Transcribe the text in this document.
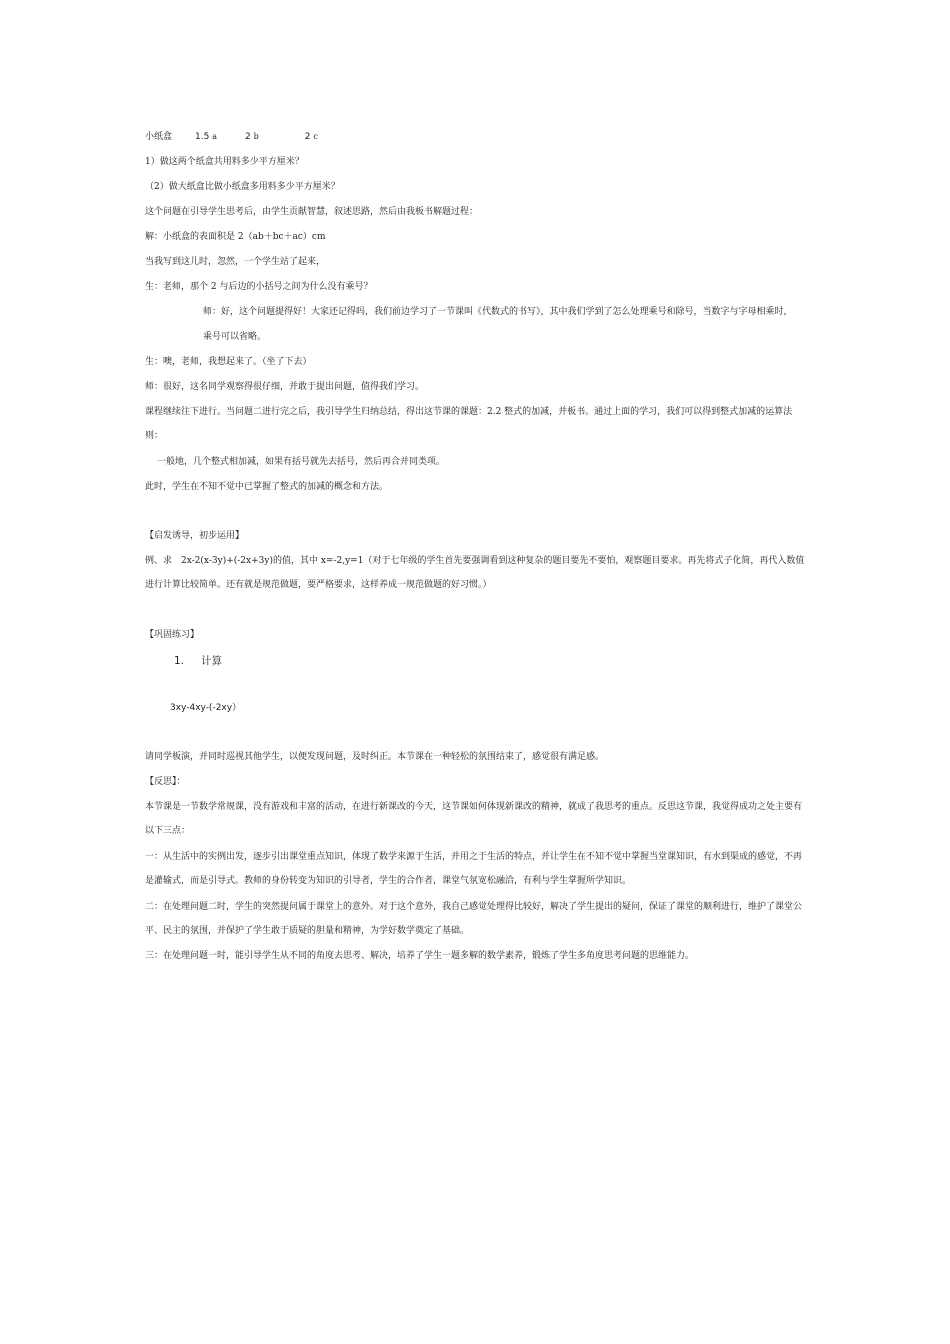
小纸盒	1.5 a	2 b	2 c
1）做这两个纸盒共用料多少平方厘米？
（2）做大纸盒比做小纸盒多用料多少平方厘米？
这个问题在引导学生思考后，由学生贡献智慧，叙述思路，然后由我板书解题过程：
解：小纸盒的表面积是 2（ab＋bc＋ac）cm
当我写到这儿时，忽然，一个学生站了起来，
生：老师，那个 2 与后边的小括号之间为什么没有乘号？
师：好，这个问题提得好！大家还记得吗，我们前边学习了一节课叫《代数式的书写》，其中我们学到了怎么处理乘号和除号，当数字与字母相乘时，
乘号可以省略。
生：噢，老师，我想起来了。（坐了下去）
师：很好，这名同学观察得很仔细，并敢于提出问题，值得我们学习。
课程继续往下进行。当问题二进行完之后，我引导学生归纳总结，得出这节课的课题：2.2 整式的加减，并板书。通过上面的学习，我们可以得到整式加减的运算法则：
一般地，几个整式相加减，如果有括号就先去括号，然后再合并同类项。
此时，学生在不知不觉中已掌握了整式的加减的概念和方法。
【启发诱导，初步运用】
例、求　2x-2(x-3y)+(-2x+3y)的值，其中 x=-2,y=1（对于七年级的学生首先要强调看到这种复杂的题目要先不要怕，观察题目要求。再先将式子化简，再代入数值进行计算比较简单。还有就是规范做题，要严格要求，这样养成一规范做题的好习惯。）
【巩固练习】
1. 计算
3xy-4xy-(-2xy）
请同学板演，并同时巡视其他学生，以便发现问题，及时纠正。本节课在一种轻松的氛围结束了，感觉很有满足感。
【反思】：
本节课是一节数学常规课，没有游戏和丰富的活动，在进行新课改的今天，这节课如何体现新课改的精神，就成了我思考的重点。反思这节课，我觉得成功之处主要有以下三点：
一：从生活中的实例出发，逐步引出课堂重点知识，体现了数学来源于生活，并用之于生活的特点，并让学生在不知不觉中掌握当堂课知识，有水到渠成的感觉，不再是灌输式，而是引导式。教师的身份转变为知识的引导者，学生的合作者，课堂气氛宽松融洽，有利与学生掌握所学知识。
二：在处理问题二时，学生的突然提问属于课堂上的意外。对于这个意外，我自己感觉处理得比较好，解决了学生提出的疑问，保证了课堂的顺利进行，维护了课堂公平、民主的氛围，并保护了学生敢于质疑的胆量和精神，为学好数学奠定了基础。
三：在处理问题一时，能引导学生从不同的角度去思考、解决，培养了学生一题多解的数学素养，锻炼了学生多角度思考问题的思维能力。
